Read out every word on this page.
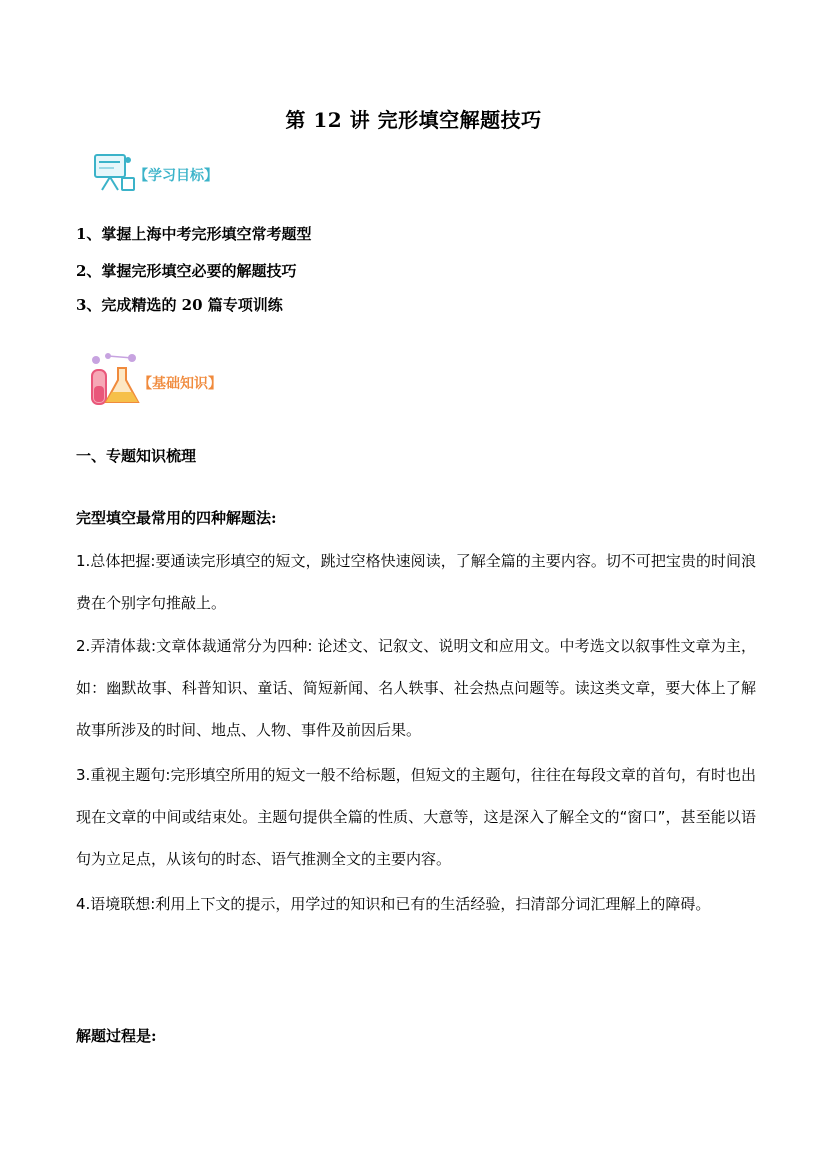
第 12 讲 完形填空解题技巧
【学习目标】
1、掌握上海中考完形填空常考题型
2、掌握完形填空必要的解题技巧
3、完成精选的 20 篇专项训练
【基础知识】
一、专题知识梳理
完型填空最常用的四种解题法:
1.总体把握:要通读完形填空的短文，跳过空格快速阅读，了解全篇的主要内容。切不可把宝贵的时间浪费在个别字句推敲上。
2.弄清体裁:文章体裁通常分为四种: 论述文、记叙文、说明文和应用文。中考选文以叙事性文章为主，如：幽默故事、科普知识、童话、简短新闻、名人轶事、社会热点问题等。读这类文章，要大体上了解故事所涉及的时间、地点、人物、事件及前因后果。
3.重视主题句:完形填空所用的短文一般不给标题，但短文的主题句，往往在每段文章的首句，有时也出现在文章的中间或结束处。主题句提供全篇的性质、大意等，这是深入了解全文的“窗口”，甚至能以语句为立足点，从该句的时态、语气推测全文的主要内容。
4.语境联想:利用上下文的提示，用学过的知识和已有的生活经验，扫清部分词汇理解上的障碍。
解题过程是:
